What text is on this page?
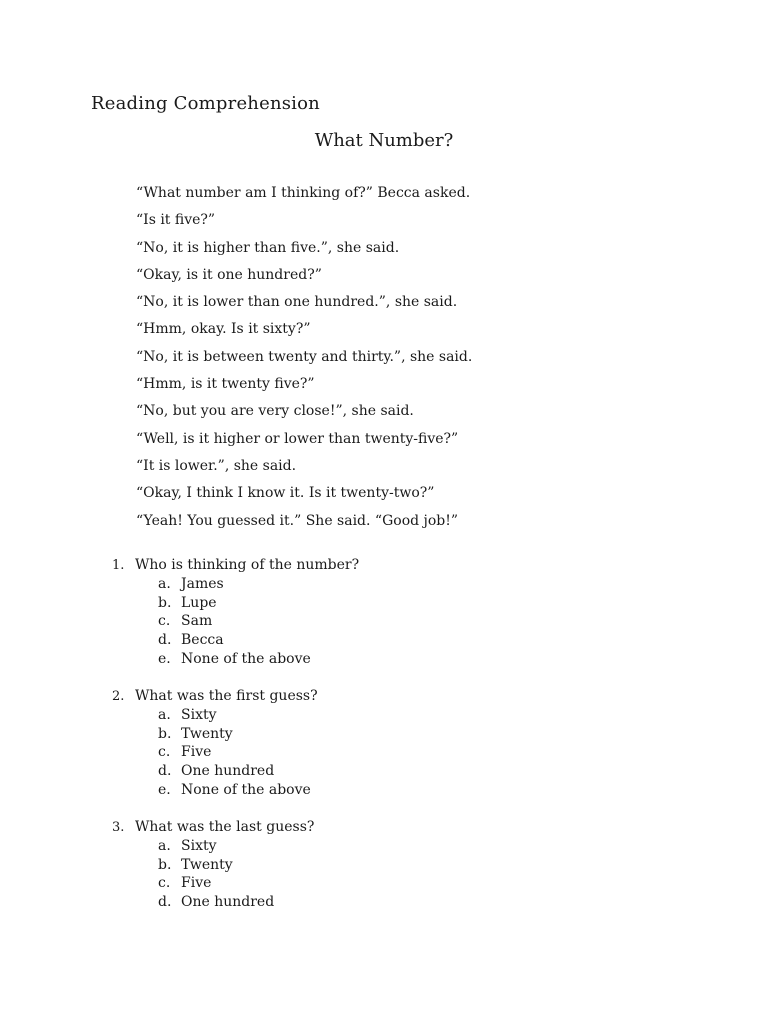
Reading Comprehension
What Number?
“What number am I thinking of?” Becca asked.
“Is it five?”
“No, it is higher than five.”, she said.
“Okay, is it one hundred?”
“No, it is lower than one hundred.”, she said.
“Hmm, okay. Is it sixty?”
“No, it is between twenty and thirty.”, she said.
“Hmm, is it twenty five?”
“No, but you are very close!”, she said.
“Well, is it higher or lower than twenty-five?”
“It is lower.”, she said.
“Okay, I think I know it. Is it twenty-two?”
“Yeah! You guessed it.” She said. “Good job!”
1. Who is thinking of the number?
a. James
b. Lupe
c. Sam
d. Becca
e. None of the above
2. What was the first guess?
a. Sixty
b. Twenty
c. Five
d. One hundred
e. None of the above
3. What was the last guess?
a. Sixty
b. Twenty
c. Five
d. One hundred
